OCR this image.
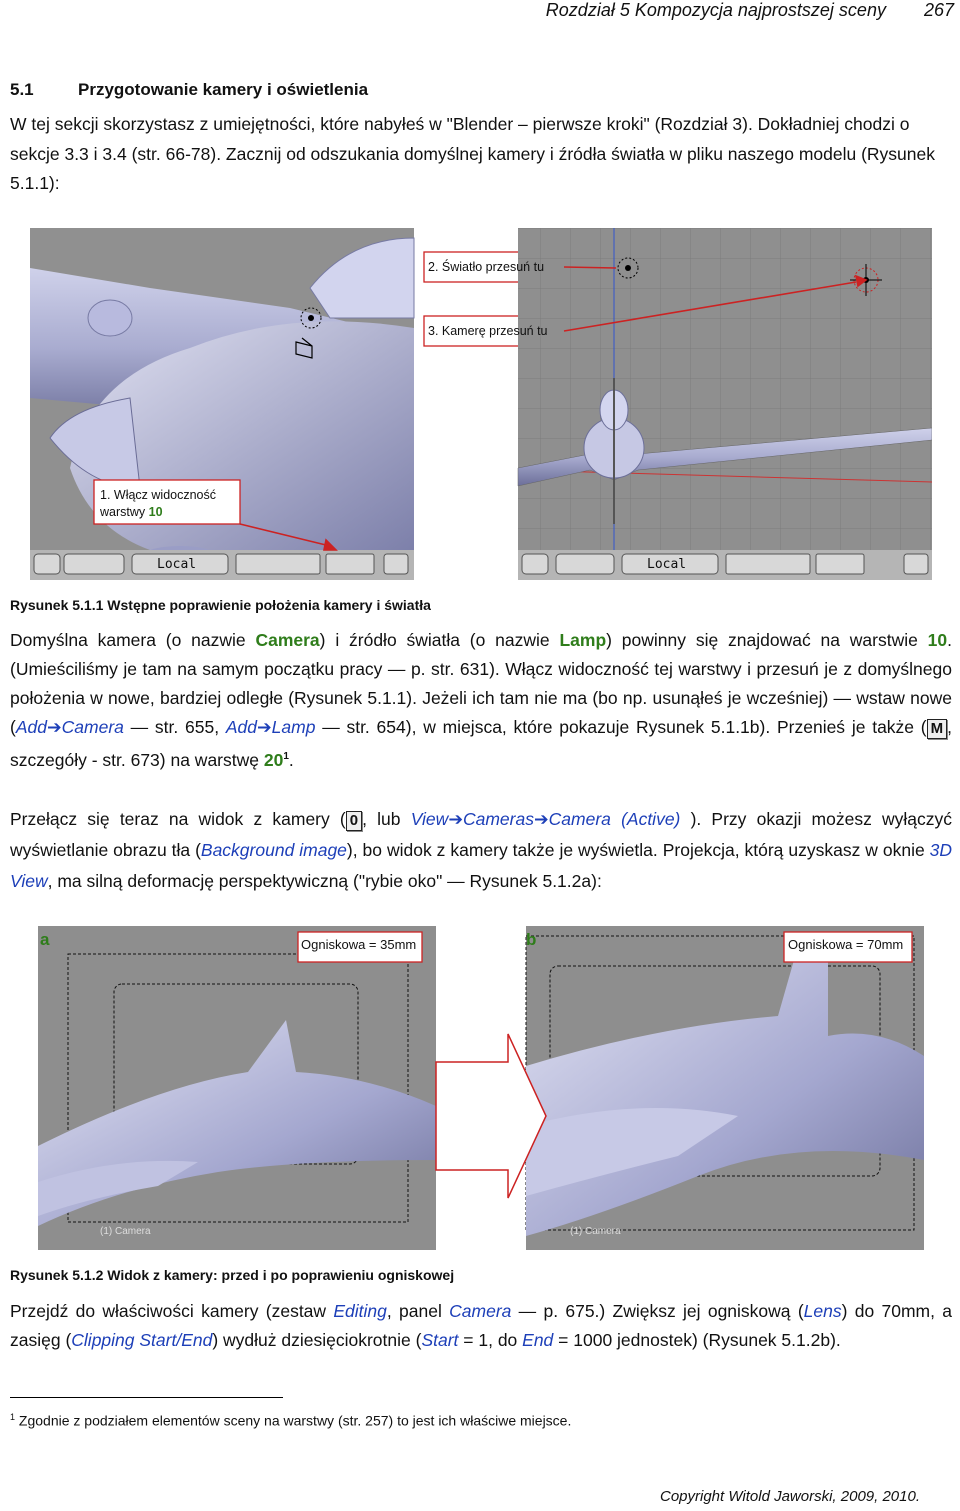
Rozdział 5 Kompozycja najprostszej sceny 267
5.1	Przygotowanie kamery i oświetlenia
W tej sekcji skorzystasz z umiejętności, które nabyłeś w "Blender – pierwsze kroki" (Rozdział 3). Dokładniej chodzi o sekcje 3.3 i 3.4 (str. 66-78). Zacznij od odszukania domyślnej kamery i źródła światła w pliku naszego modelu (Rysunek 5.1.1):
2. Światło przesuń tu
3. Kamerę przesuń tu
1. Włącz widoczność
warstwy 10
Local	Local
Rysunek 5.1.1 Wstępne poprawienie położenia kamery i światła
Domyślna kamera (o nazwie Camera) i źródło światła (o nazwie Lamp) powinny się znajdować na warstwie 10. (Umieściliśmy je tam na samym początku pracy — p. str. 631). Włącz widoczność tej warstwy i przesuń je z domyślnego położenia w nowe, bardziej odległe (Rysunek 5.1.1). Jeżeli ich tam nie ma (bo np. usunąłeś je wcześniej) — wstaw nowe (Add➔Camera — str. 655, Add➔Lamp — str. 654), w miejsca, które pokazuje Rysunek 5.1.1b). Przenieś je także ( M , szczegóły - str. 673) na warstwę $20^1$.
Przełącz się teraz na widok z kamery ( 0 , lub View➔Cameras➔Camera (Active) ). Przy okazji możesz wyłączyć wyświetlanie obrazu tła (Background image), bo widok z kamery także je wyświetla. Projekcja, którą uzyskasz w oknie 3D View, ma silną deformację perspektywiczną ("rybie oko" — Rysunek 5.1.2a):
(1) Camera	(1) Camera
a	b
Ogniskowa = 35mm	Ogniskowa = 70mm
Rysunek 5.1.2 Widok z kamery: przed i po poprawieniu ogniskowej
Przejdź do właściwości kamery (zestaw Editing, panel Camera — p. 675.) Zwiększ jej ogniskową (Lens) do 70mm, a zasięg (Clipping Start/End) wydłuż dziesięciokrotnie (Start = 1, do End = 1000 jednostek) (Rysunek 5.1.2b).
$^1$ Zgodnie z podziałem elementów sceny na warstwy (str. 257) to jest ich właściwe miejsce.
Copyright Witold Jaworski, 2009, 2010.
